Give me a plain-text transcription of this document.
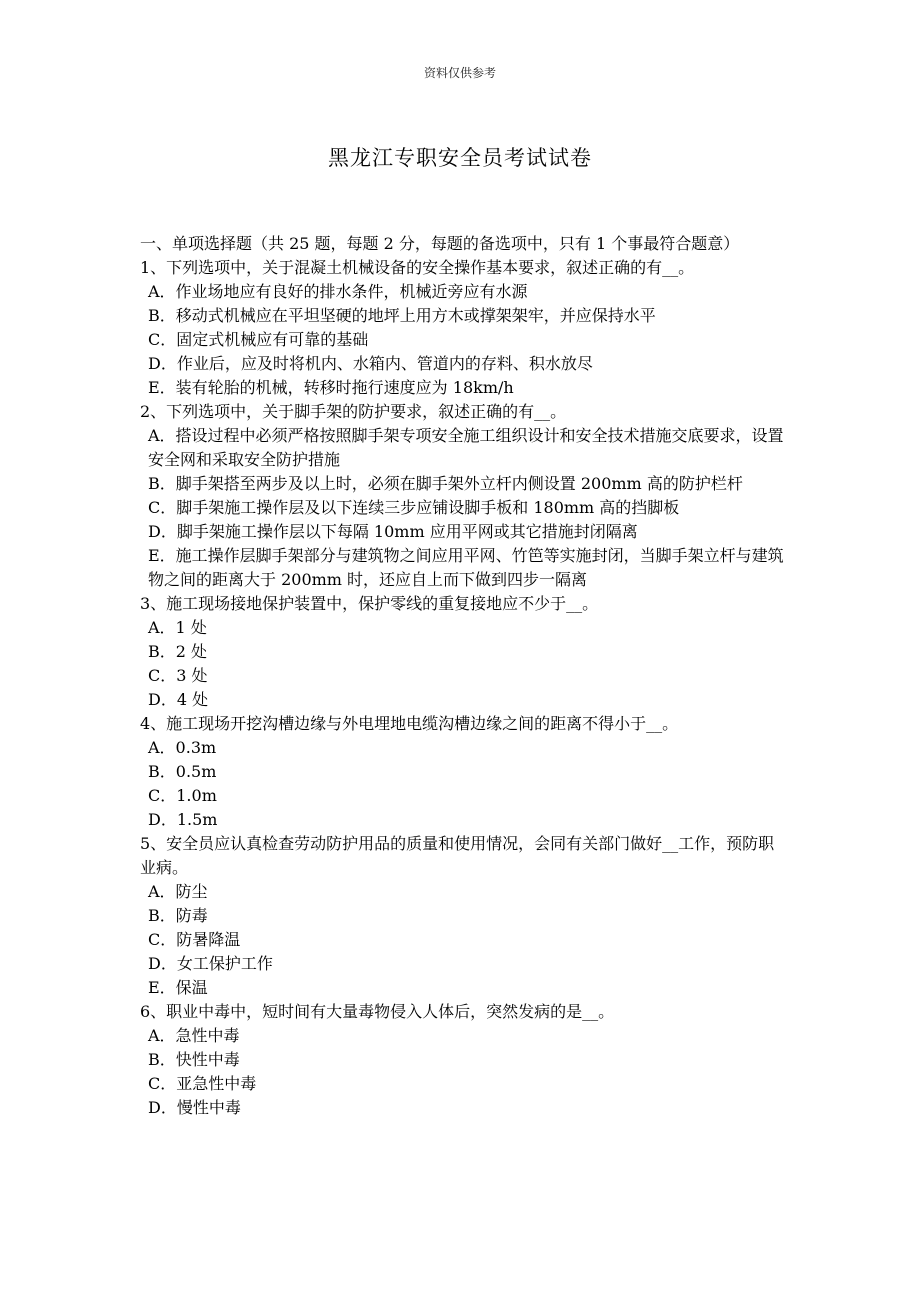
资料仅供参考
黑龙江专职安全员考试试卷
一、单项选择题（共 25 题，每题 2 分，每题的备选项中，只有 1 个事最符合题意）
1、下列选项中，关于混凝土机械设备的安全操作基本要求，叙述正确的有__。
A．作业场地应有良好的排水条件，机械近旁应有水源
B．移动式机械应在平坦坚硬的地坪上用方木或撑架架牢，并应保持水平
C．固定式机械应有可靠的基础
D．作业后，应及时将机内、水箱内、管道内的存料、积水放尽
E．装有轮胎的机械，转移时拖行速度应为 18km/h
2、下列选项中，关于脚手架的防护要求，叙述正确的有__。
A．搭设过程中必须严格按照脚手架专项安全施工组织设计和安全技术措施交底要求，设置安全网和采取安全防护措施
B．脚手架搭至两步及以上时，必须在脚手架外立杆内侧设置 200mm 高的防护栏杆
C．脚手架施工操作层及以下连续三步应铺设脚手板和 180mm 高的挡脚板
D．脚手架施工操作层以下每隔 10mm 应用平网或其它措施封闭隔离
E．施工操作层脚手架部分与建筑物之间应用平网、竹笆等实施封闭，当脚手架立杆与建筑物之间的距离大于 200mm 时，还应自上而下做到四步一隔离
3、施工现场接地保护装置中，保护零线的重复接地应不少于__。
A．1 处
B．2 处
C．3 处
D．4 处
4、施工现场开挖沟槽边缘与外电埋地电缆沟槽边缘之间的距离不得小于__。
A．0.3m
B．0.5m
C．1.0m
D．1.5m
5、安全员应认真检查劳动防护用品的质量和使用情况，会同有关部门做好__工作，预防职业病。
A．防尘
B．防毒
C．防暑降温
D．女工保护工作
E．保温
6、职业中毒中，短时间有大量毒物侵入人体后，突然发病的是__。
A．急性中毒
B．快性中毒
C．亚急性中毒
D．慢性中毒
